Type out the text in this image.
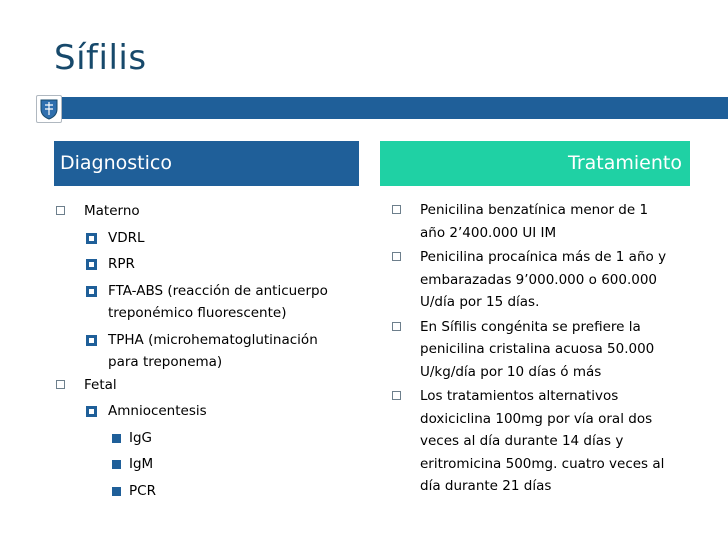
Sífilis
Diagnostico	Tratamiento
Materno
VDRL
RPR
FTA-ABS (reacción de anticuerpo
treponémico fluorescente)
TPHA (microhematoglutinación
para treponema)
Fetal
Amniocentesis
IgG
IgM
PCR
Penicilina benzatínica menor de 1
año 2’400.000 UI IM
Penicilina procaínica más de 1 año y
embarazadas 9’000.000 o 600.000
U/día por 15 días.
En Sífilis congénita se prefiere la
penicilina cristalina acuosa 50.000
U/kg/día por 10 días ó más
Los tratamientos alternativos
doxiciclina 100mg por vía oral dos
veces al día durante 14 días y
eritromicina 500mg. cuatro veces al
día durante 21 días
